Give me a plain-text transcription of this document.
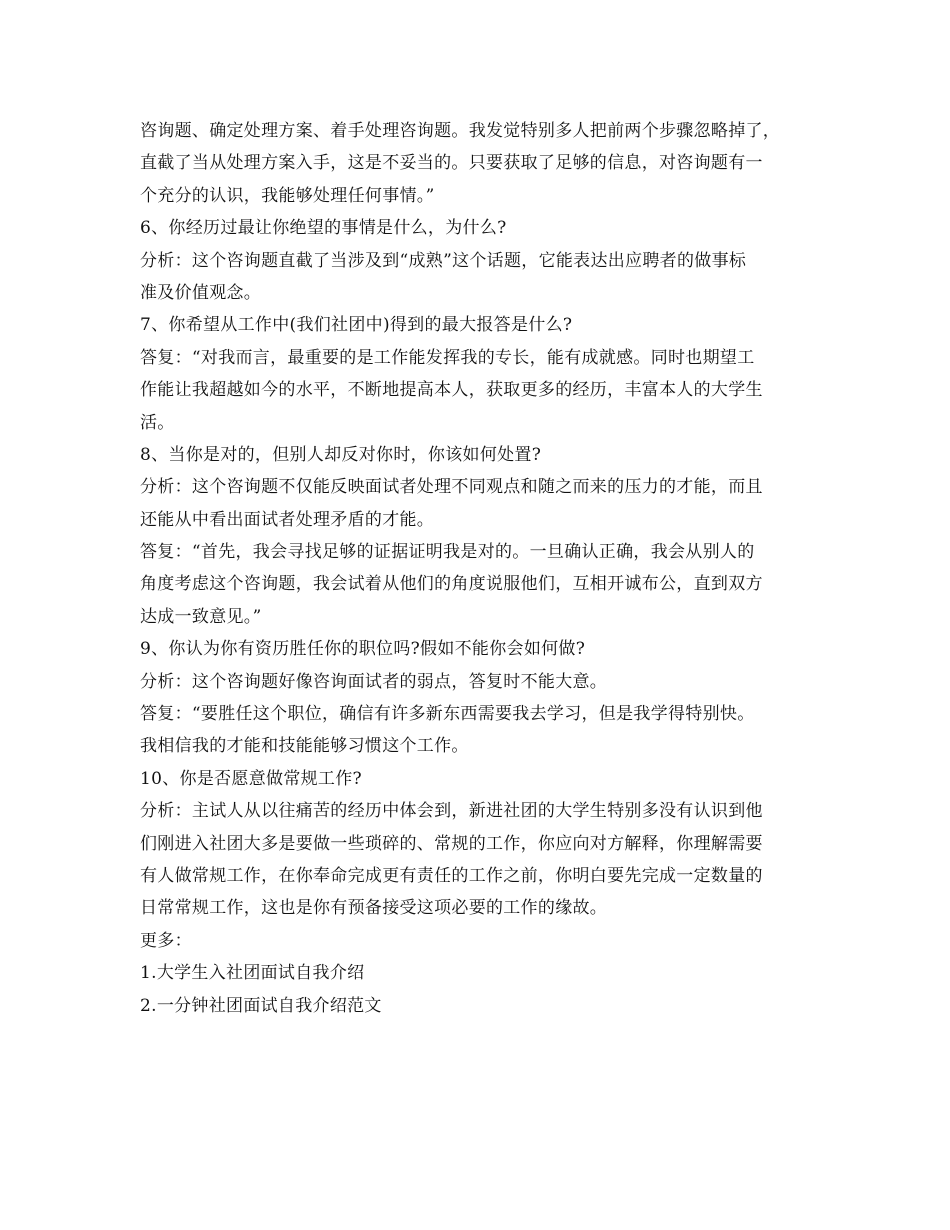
咨询题、确定处理方案、着手处理咨询题。我发觉特别多人把前两个步骤忽略掉了，
直截了当从处理方案入手，这是不妥当的。只要获取了足够的信息，对咨询题有一
个充分的认识，我能够处理任何事情。”
6、你经历过最让你绝望的事情是什么，为什么?
分析：这个咨询题直截了当涉及到“成熟”这个话题，它能表达出应聘者的做事标
准及价值观念。
7、你希望从工作中(我们社团中)得到的最大报答是什么?
答复：“对我而言，最重要的是工作能发挥我的专长，能有成就感。同时也期望工
作能让我超越如今的水平，不断地提高本人，获取更多的经历，丰富本人的大学生
活。
8、当你是对的，但别人却反对你时，你该如何处置?
分析：这个咨询题不仅能反映面试者处理不同观点和随之而来的压力的才能，而且
还能从中看出面试者处理矛盾的才能。
答复：“首先，我会寻找足够的证据证明我是对的。一旦确认正确，我会从别人的
角度考虑这个咨询题，我会试着从他们的角度说服他们，互相开诚布公，直到双方
达成一致意见。”
9、你认为你有资历胜任你的职位吗?假如不能你会如何做?
分析：这个咨询题好像咨询面试者的弱点，答复时不能大意。
答复：“要胜任这个职位，确信有许多新东西需要我去学习，但是我学得特别快。
我相信我的才能和技能能够习惯这个工作。
10、你是否愿意做常规工作?
分析：主试人从以往痛苦的经历中体会到，新进社团的大学生特别多没有认识到他
们刚进入社团大多是要做一些琐碎的、常规的工作，你应向对方解释，你理解需要
有人做常规工作，在你奉命完成更有责任的工作之前，你明白要先完成一定数量的
日常常规工作，这也是你有预备接受这项必要的工作的缘故。
更多：
1.大学生入社团面试自我介绍
2.一分钟社团面试自我介绍范文
